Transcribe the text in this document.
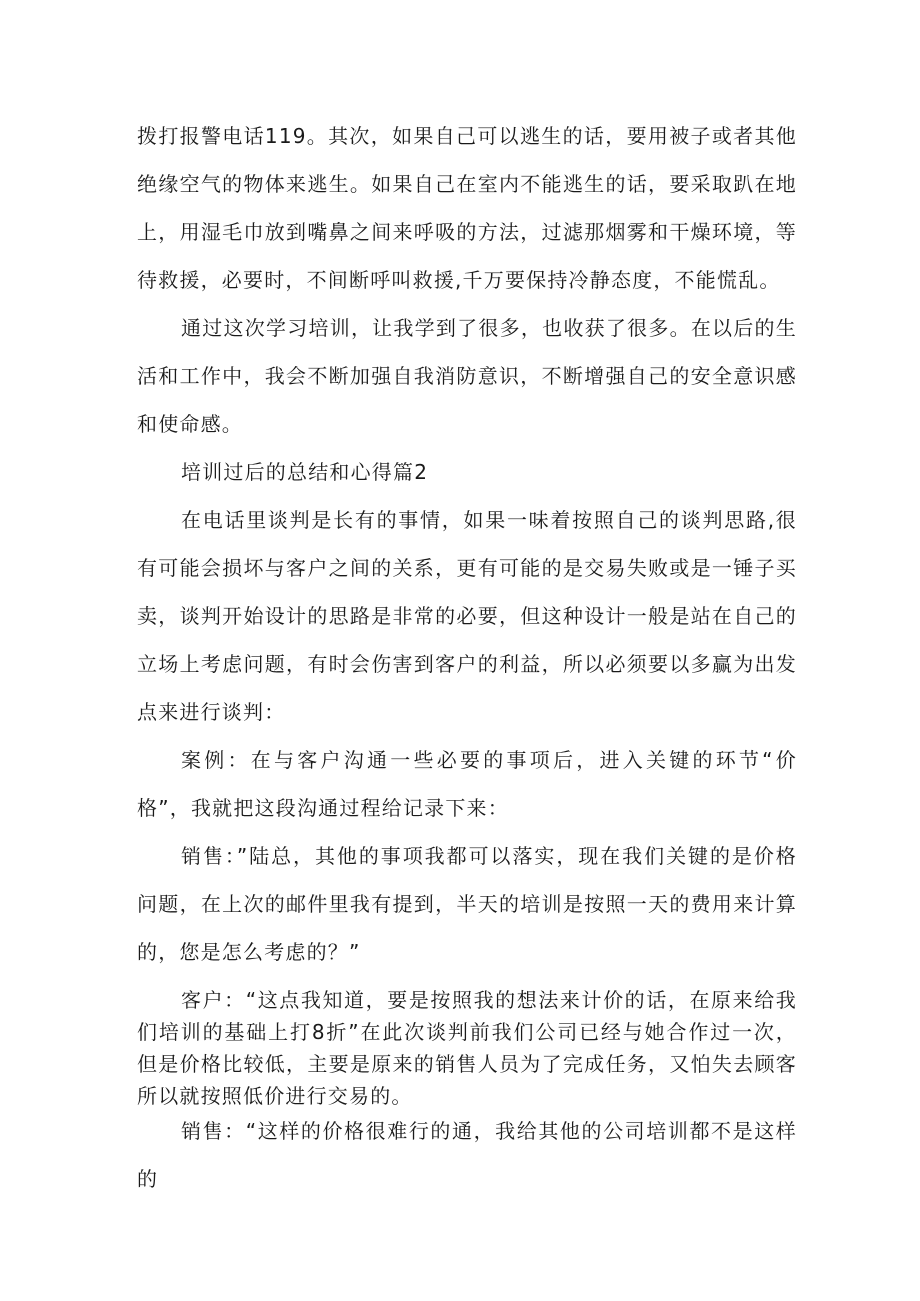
拨打报警电话119。其次，如果自己可以逃生的话，要用被子或者其他绝缘空气的物体来逃生。如果自己在室内不能逃生的话，要采取趴在地上，用湿毛巾放到嘴鼻之间来呼吸的方法，过滤那烟雾和干燥环境，等待救援，必要时，不间断呼叫救援,千万要保持冷静态度，不能慌乱。

通过这次学习培训，让我学到了很多，也收获了很多。在以后的生活和工作中，我会不断加强自我消防意识，不断增强自己的安全意识感和使命感。

培训过后的总结和心得篇2

在电话里谈判是长有的事情，如果一味着按照自己的谈判思路,很有可能会损坏与客户之间的关系，更有可能的是交易失败或是一锤子买卖，谈判开始设计的思路是非常的必要，但这种设计一般是站在自己的立场上考虑问题，有时会伤害到客户的利益，所以必须要以多赢为出发点来进行谈判：

案例：在与客户沟通一些必要的事项后，进入关键的环节“价格”，我就把这段沟通过程给记录下来：

销售：”陆总，其他的事项我都可以落实，现在我们关键的是价格问题，在上次的邮件里我有提到，半天的培训是按照一天的费用来计算的，您是怎么考虑的？”

客户：“这点我知道，要是按照我的想法来计价的话，在原来给我们培训的基础上打8折”在此次谈判前我们公司已经与她合作过一次，但是价格比较低，主要是原来的销售人员为了完成任务，又怕失去顾客所以就按照低价进行交易的。

销售：“这样的价格很难行的通，我给其他的公司培训都不是这样的
